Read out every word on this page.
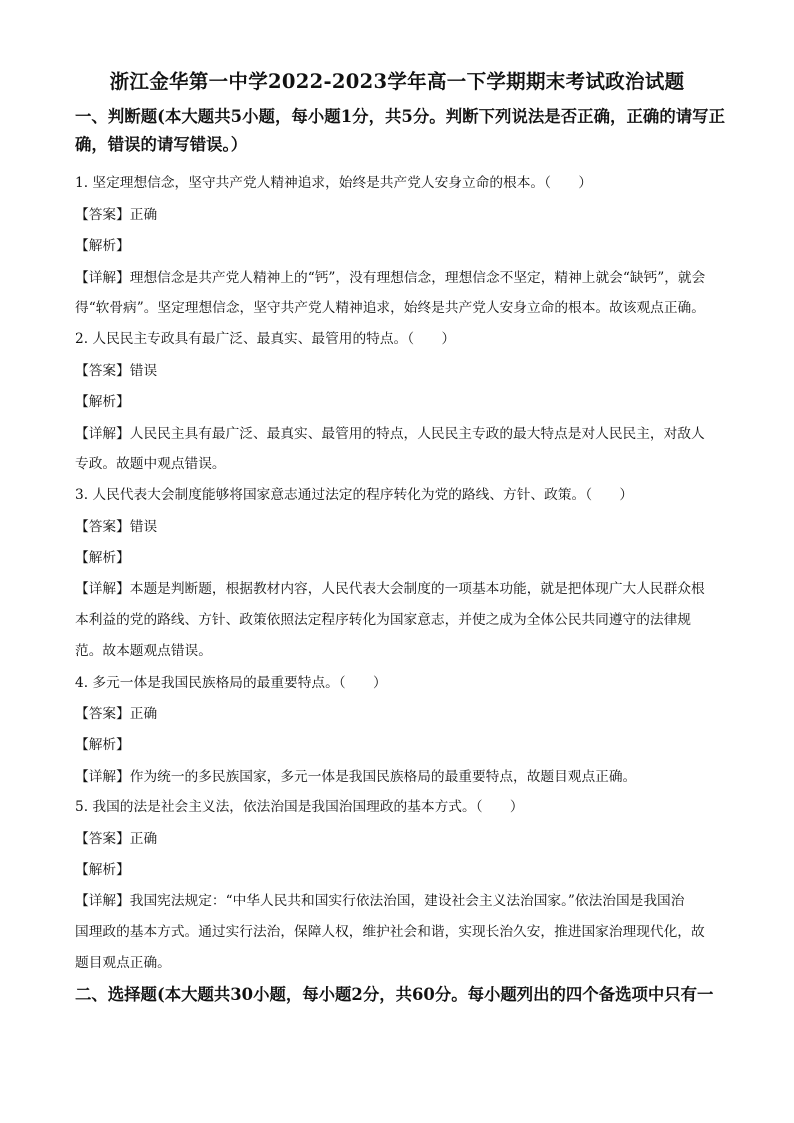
浙江金华第一中学2022-2023学年高一下学期期末考试政治试题
一、判断题(本大题共5小题，每小题1分，共5分。判断下列说法是否正确，正确的请写正确，错误的请写错误。）
1. 坚定理想信念，坚守共产党人精神追求，始终是共产党人安身立命的根本。（　　）
【答案】正确
【解析】
【详解】理想信念是共产党人精神上的“钙”，没有理想信念，理想信念不坚定，精神上就会“缺钙”，就会
得“软骨病”。坚定理想信念，坚守共产党人精神追求，始终是共产党人安身立命的根本。故该观点正确。
2. 人民民主专政具有最广泛、最真实、最管用的特点。（　　）
【答案】错误
【解析】
【详解】人民民主具有最广泛、最真实、最管用的特点，人民民主专政的最大特点是对人民民主，对敌人
专政。故题中观点错误。
3. 人民代表大会制度能够将国家意志通过法定的程序转化为党的路线、方针、政策。（　　）
【答案】错误
【解析】
【详解】本题是判断题，根据教材内容，人民代表大会制度的一项基本功能，就是把体现广大人民群众根
本利益的党的路线、方针、政策依照法定程序转化为国家意志，并使之成为全体公民共同遵守的法律规
范。故本题观点错误。
4. 多元一体是我国民族格局的最重要特点。（　　）
【答案】正确
【解析】
【详解】作为统一的多民族国家，多元一体是我国民族格局的最重要特点，故题目观点正确。
5. 我国的法是社会主义法，依法治国是我国治国理政的基本方式。（　　）
【答案】正确
【解析】
【详解】我国宪法规定：“中华人民共和国实行依法治国，建设社会主义法治国家。”依法治国是我国治
国理政的基本方式。通过实行法治，保障人权，维护社会和谐，实现长治久安，推进国家治理现代化，故
题目观点正确。
二、选择题(本大题共30小题，每小题2分，共60分。每小题列出的四个备选项中只有一
